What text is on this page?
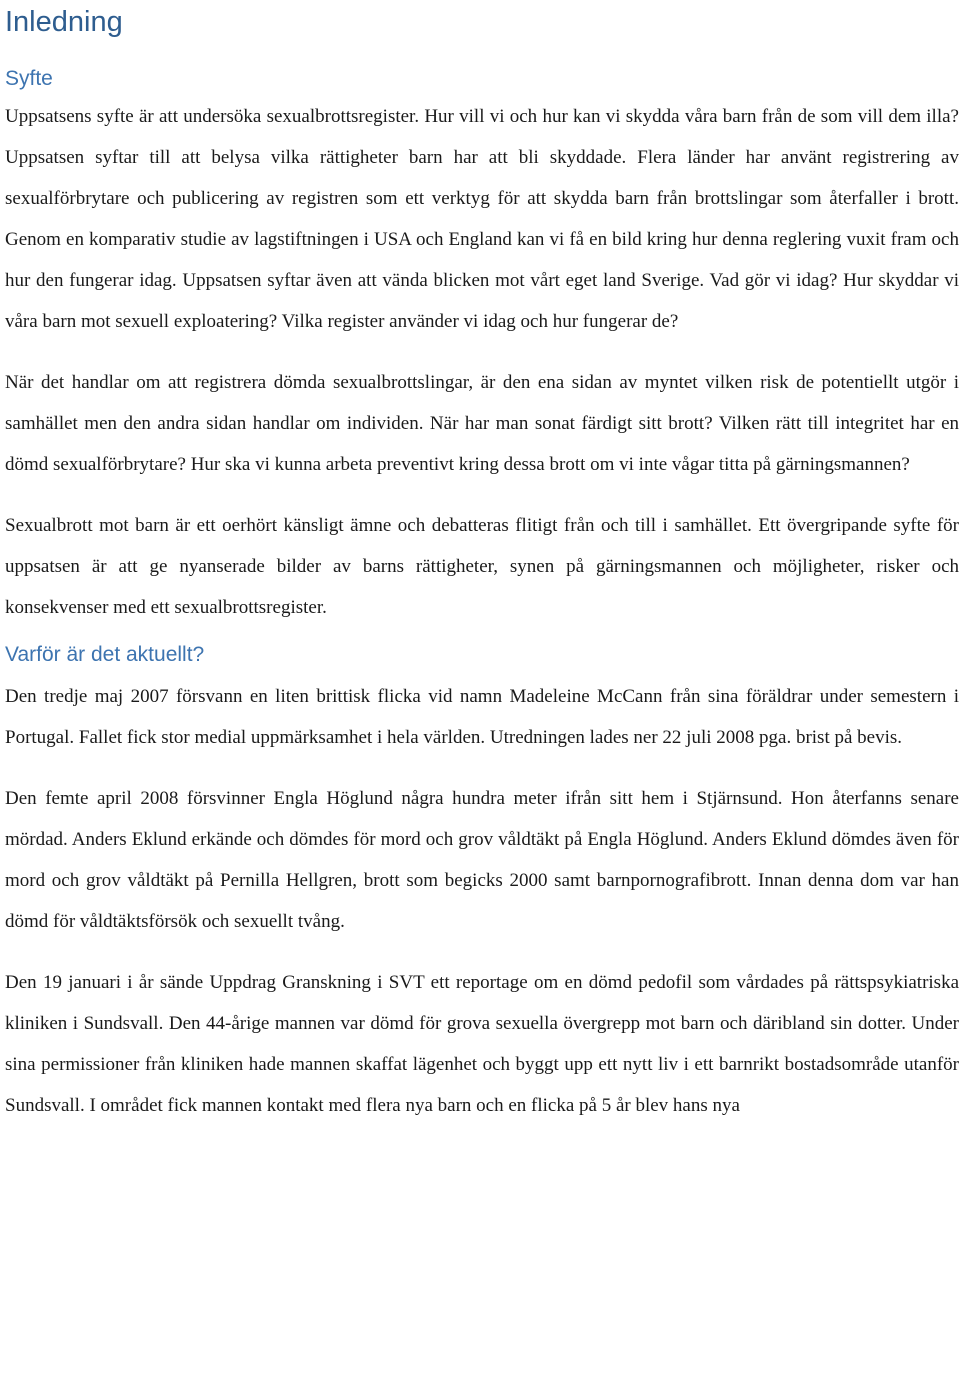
Inledning
Syfte

Uppsatsens syfte är att undersöka sexualbrottsregister. Hur vill vi och hur kan vi skydda våra barn från de som vill dem illa? Uppsatsen syftar till att belysa vilka rättigheter barn har att bli skyddade. Flera länder har använt registrering av sexualförbrytare och publicering av registren som ett verktyg för att skydda barn från brottslingar som återfaller i brott. Genom en komparativ studie av lagstiftningen i USA och England kan vi få en bild kring hur denna reglering vuxit fram och hur den fungerar idag. Uppsatsen syftar även att vända blicken mot vårt eget land Sverige. Vad gör vi idag? Hur skyddar vi våra barn mot sexuell exploatering? Vilka register använder vi idag och hur fungerar de?

När det handlar om att registrera dömda sexualbrottslingar, är den ena sidan av myntet vilken risk de potentiellt utgör i samhället men den andra sidan handlar om individen. När har man sonat färdigt sitt brott? Vilken rätt till integritet har en dömd sexualförbrytare? Hur ska vi kunna arbeta preventivt kring dessa brott om vi inte vågar titta på gärningsmannen?

Sexualbrott mot barn är ett oerhört känsligt ämne och debatteras flitigt från och till i samhället. Ett övergripande syfte för uppsatsen är att ge nyanserade bilder av barns rättigheter, synen på gärningsmannen och möjligheter, risker och konsekvenser med ett sexualbrottsregister.

Varför är det aktuellt?

Den tredje maj 2007 försvann en liten brittisk flicka vid namn Madeleine McCann från sina föräldrar under semestern i Portugal. Fallet fick stor medial uppmärksamhet i hela världen. Utredningen lades ner 22 juli 2008 pga. brist på bevis.

Den femte april 2008 försvinner Engla Höglund några hundra meter ifrån sitt hem i Stjärnsund. Hon återfanns senare mördad. Anders Eklund erkände och dömdes för mord och grov våldtäkt på Engla Höglund. Anders Eklund dömdes även för mord och grov våldtäkt på Pernilla Hellgren, brott som begicks 2000 samt barnpornografibrott. Innan denna dom var han dömd för våldtäktsförsök och sexuellt tvång.

Den 19 januari i år sände Uppdrag Granskning i SVT ett reportage om en dömd pedofil som vårdades på rättspsykiatriska kliniken i Sundsvall. Den 44-årige mannen var dömd för grova sexuella övergrepp mot barn och däribland sin dotter. Under sina permissioner från kliniken hade mannen skaffat lägenhet och byggt upp ett nytt liv i ett barnrikt bostadsområde utanför Sundsvall. I området fick mannen kontakt med flera nya barn och en flicka på 5 år blev hans nya
